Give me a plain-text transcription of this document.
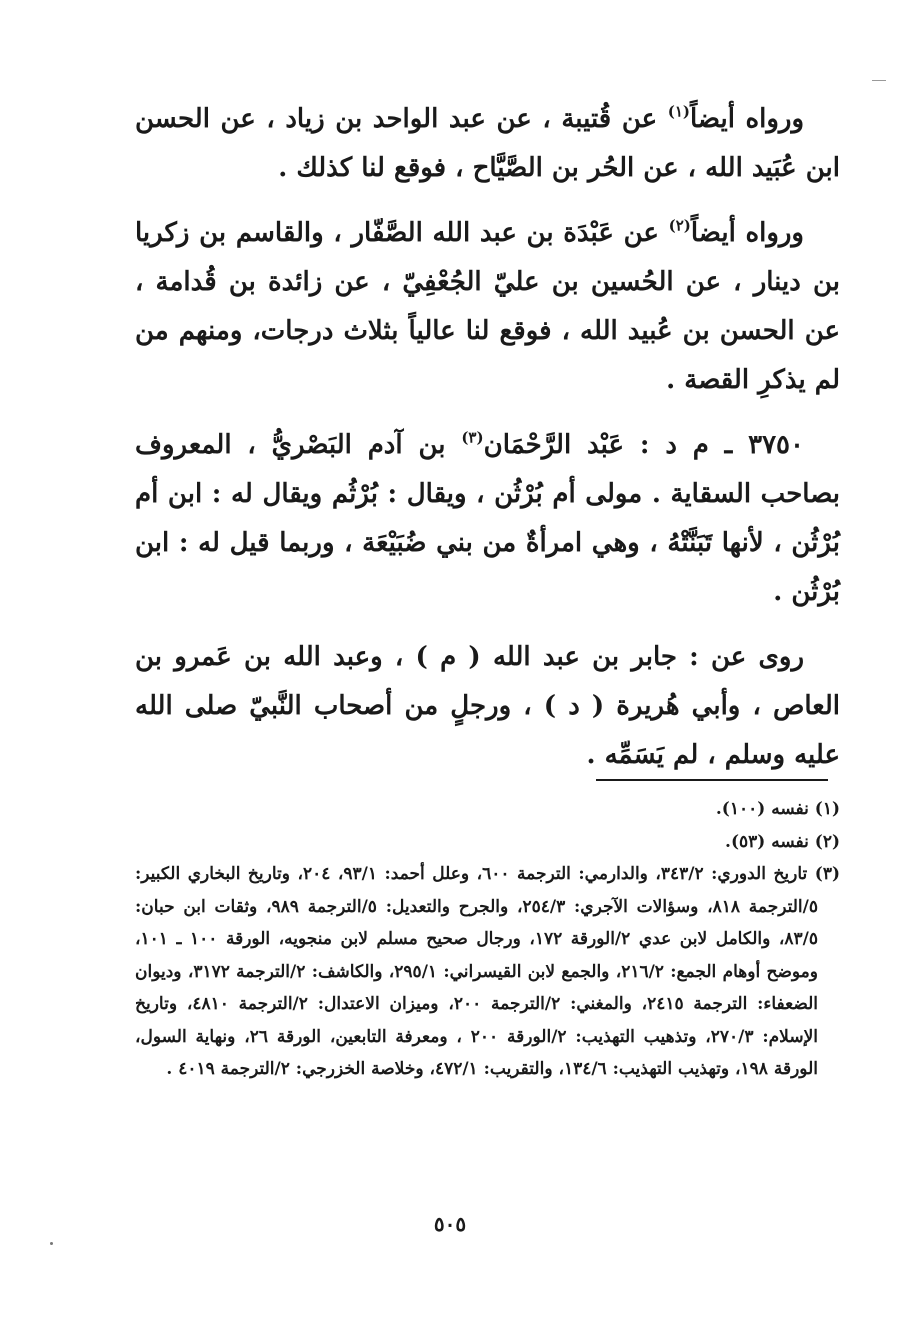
ورواه أيضاً$^{(١)}$ عن قُتيبة ، عن عبد الواحد بن زياد ، عن الحسن ابن عُبَيد الله ، عن الحُر بن الصَّيَّاح ، فوقع لنا كذلك .

ورواه أيضاً$^{(٢)}$ عن عَبْدَة بن عبد الله الصَّفّار ، والقاسم بن زكريا بن دينار ، عن الحُسين بن عليّ الجُعْفِيّ ، عن زائدة بن قُدامة ، عن الحسن بن عُبيد الله ، فوقع لنا عالياً بثلاث درجات، ومنهم من لم يذكرِ القصة .

٣٧٥٠ ـ م د : عَبْد الرَّحْمَان$^{(٣)}$ بن آدم البَصْريُّ ، المعروف بصاحب السقاية . مولى أم بُرْثُن ، ويقال : بُرْثُم ويقال له : ابن أم بُرْثُن ، لأنها تَبَنَّتْهُ ، وهي امرأةٌ من بني ضُبَيْعَة ، وربما قيل له : ابن بُرْثُن .

روى عن : جابر بن عبد الله ( م ) ، وعبد الله بن عَمرو بن العاص ، وأبي هُريرة ( د ) ، ورجلٍ من أصحاب النَّبيّ صلى الله عليه وسلم ، لم يَسَمِّه .

(١) نفسه (١٠٠).

(٢) نفسه (٥٣).

(٣) تاريخ الدوري: ٣٤٣/٢، والدارمي: الترجمة ٦٠٠، وعلل أحمد: ٩٣/١، ٢٠٤، وتاريخ البخاري الكبير: ٥/الترجمة ٨١٨، وسؤالات الآجري: ٢٥٤/٣، والجرح والتعديل: ٥/الترجمة ٩٨٩، وثقات ابن حبان: ٨٣/٥، والكامل لابن عدي ٢/الورقة ١٧٢، ورجال صحيح مسلم لابن منجويه، الورقة ١٠٠ ـ ١٠١، وموضح أوهام الجمع: ٢١٦/٢، والجمع لابن القيسراني: ٢٩٥/١، والكاشف: ٢/الترجمة ٣١٧٢، وديوان الضعفاء: الترجمة ٢٤١٥، والمغني: ٢/الترجمة ٢٠٠، وميزان الاعتدال: ٢/الترجمة ٤٨١٠، وتاريخ الإسلام: ٢٧٠/٣، وتذهيب التهذيب: ٢/الورقة ٢٠٠ ، ومعرفة التابعين، الورقة ٢٦، ونهاية السول، الورقة ١٩٨، وتهذيب التهذيب: ١٣٤/٦، والتقريب: ٤٧٢/١، وخلاصة الخزرجي: ٢/الترجمة ٤٠١٩ .

٥٠٥
